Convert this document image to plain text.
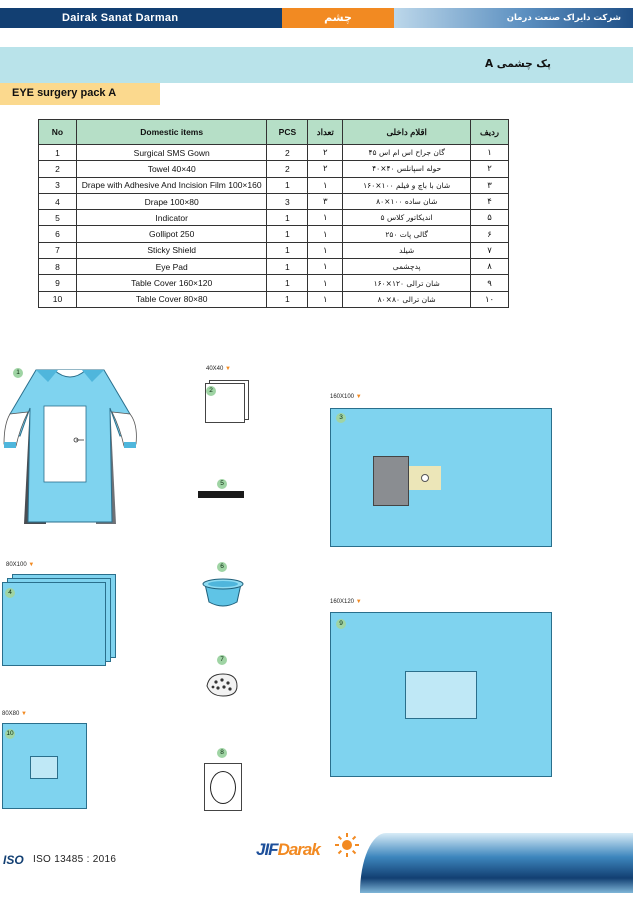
Dairak Sanat Darman	چشم	شرکت دایراک صنعت درمان
پک چشمی A
EYE surgery pack A
No	Domestic items	PCS	تعداد	اقلام داخلی	ردیف
1	Surgical SMS Gown	2	۲	گان جراح اس ام اس ۴۵	۱
2	Towel 40×40	2	۲	حوله اسپانلس ۴۰×۴۰	۲
3	Drape with Adhesive And Incision Film 100×160	1	۱	شان با باچ و فیلم ۱۰۰×۱۶۰	۳
4	Drape 100×80	3	۳	شان ساده ۱۰۰×۸۰	۴
5	Indicator	1	۱	اندیکاتور کلاس ۵	۵
6	Gollipot 250	1	۱	گالی پات ۲۵۰	۶
7	Sticky Shield	1	۱	شیلد	۷
8	Eye Pad	1	۱	پدچشمی	۸
9	Table Cover 160×120	1	۱	شان ترالی ۱۲۰×۱۶۰	۹
10	Table Cover 80×80	1	۱	شان ترالی ۸۰×۸۰	۱۰
1	40X40 ▼
2
5
6
7
8
160X100 ▼
3
80X100 ▼
4
160X120 ▼
9
80X80 ▼
10
ISO ISO 13485 : 2016
JIFDarak
